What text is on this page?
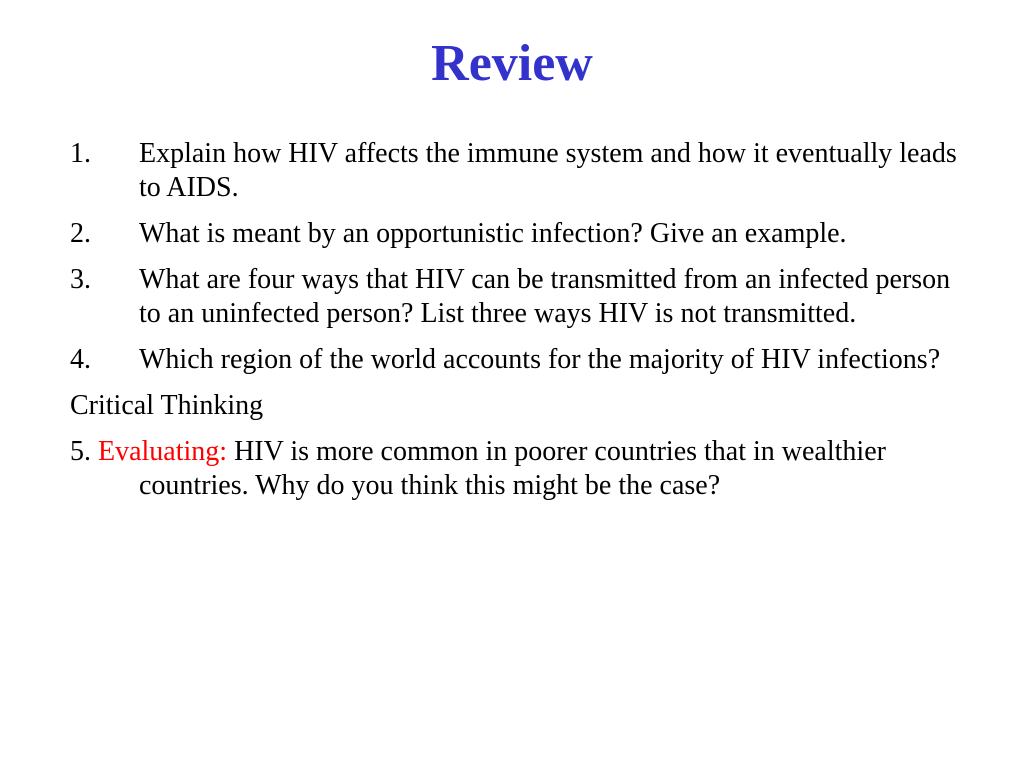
Review
1. Explain how HIV affects the immune system and how it eventually leads to AIDS.
2. What is meant by an opportunistic infection? Give an example.
3. What are four ways that HIV can be transmitted from an infected person to an uninfected person? List three ways HIV is not transmitted.
4. Which region of the world accounts for the majority of HIV infections?
Critical Thinking
5. Evaluating: HIV is more common in poorer countries that in wealthier countries. Why do you think this might be the case?
